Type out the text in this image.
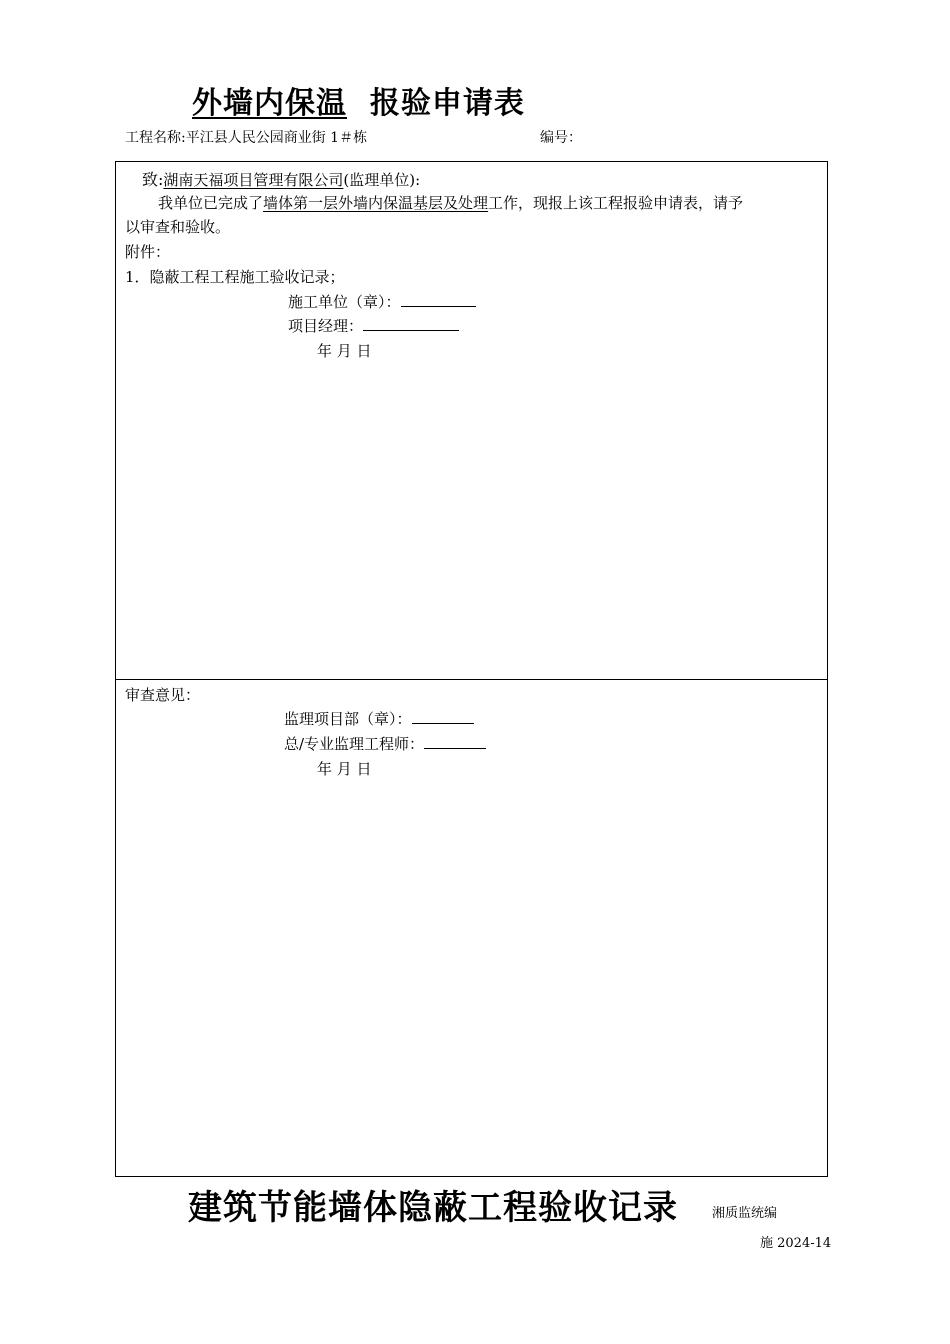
外墙内保温 报验申请表
工程名称:平江县人民公园商业街 1＃栋	编号：
致:湖南天福项目管理有限公司(监理单位):
我单位已完成了墙体第一层外墙内保温基层及处理工作，现报上该工程报验申请表，请予
以审查和验收。
附件：
1．隐蔽工程工程施工验收记录；
施工单位（章）：
项目经理：
年 月 日
审查意见：
监理项目部（章）：
总/专业监理工程师：
年 月 日
建筑节能墙体隐蔽工程验收记录	湘质监统编
施 2024-14
